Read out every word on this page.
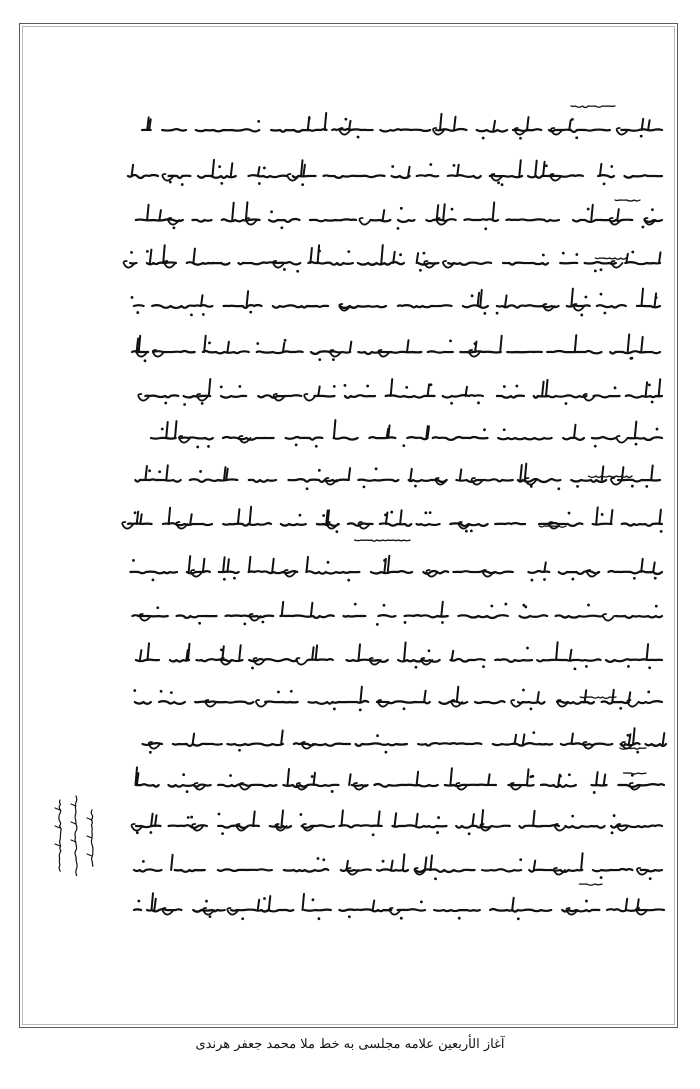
آغاز الأربعین علامه مجلسی به خط ملا محمد جعفر هرندی
